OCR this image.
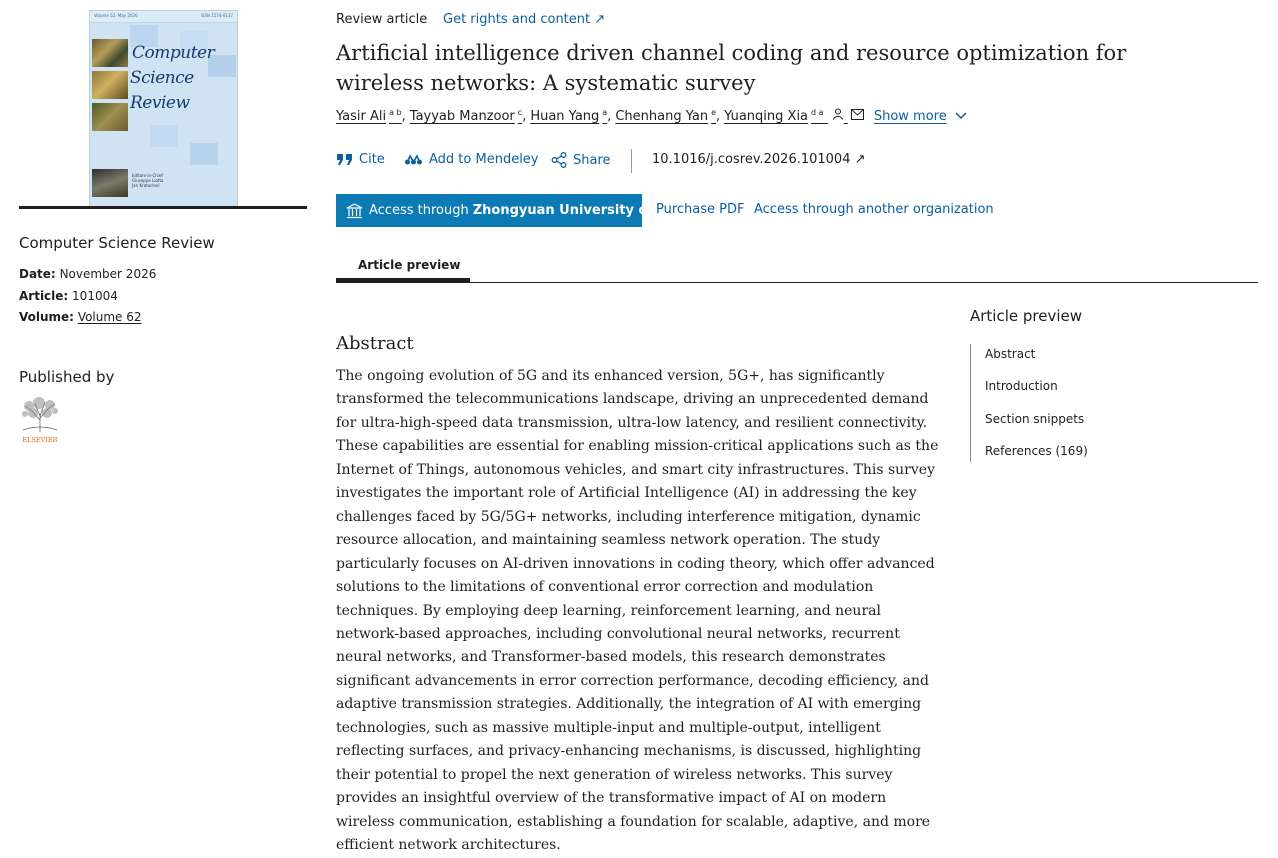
Volume 62, May 2026	ISSN 1574-0137
Computer
Science
Review
Editors-in-Chief
Giuseppe Liotta
Jan Kratochvíl
Computer Science Review
Date: November 2026
Article: 101004
Volume: Volume 62
Published by
ELSEVIER
Review article Get rights and content ↗
Artificial intelligence driven channel coding and resource optimization for wireless networks: A systematic survey
Yasir Ali $^{a b}$ , Tayyab Manzoor $^c$ , Huan Yang $^a$ , Chenhang Yan $^e$ , Yuanqing Xia $^{d a}$	Show more
Cite	Add to Mendeley	Share	10.1016/j.cosrev.2026.101004 ↗
Access through Zhongyuan University of T...
Purchase PDF Access through another organization
Article preview
Abstract
The ongoing evolution of 5G and its enhanced version, 5G+, has significantly transformed the telecommunications landscape, driving an unprecedented demand for ultra-high-speed data transmission, ultra-low latency, and resilient connectivity. These capabilities are essential for enabling mission-critical applications such as the Internet of Things, autonomous vehicles, and smart city infrastructures. This survey investigates the important role of Artificial Intelligence (AI) in addressing the key challenges faced by 5G/5G+ networks, including interference mitigation, dynamic resource allocation, and maintaining seamless network operation. The study particularly focuses on AI-driven innovations in coding theory, which offer advanced solutions to the limitations of conventional error correction and modulation techniques. By employing deep learning, reinforcement learning, and neural network-based approaches, including convolutional neural networks, recurrent neural networks, and Transformer-based models, this research demonstrates significant advancements in error correction performance, decoding efficiency, and adaptive transmission strategies. Additionally, the integration of AI with emerging technologies, such as massive multiple-input and multiple-output, intelligent reflecting surfaces, and privacy-enhancing mechanisms, is discussed, highlighting their potential to propel the next generation of wireless networks. This survey provides an insightful overview of the transformative impact of AI on modern wireless communication, establishing a foundation for scalable, adaptive, and more efficient network architectures.
Article preview
Abstract
Introduction
Section snippets
References (169)
